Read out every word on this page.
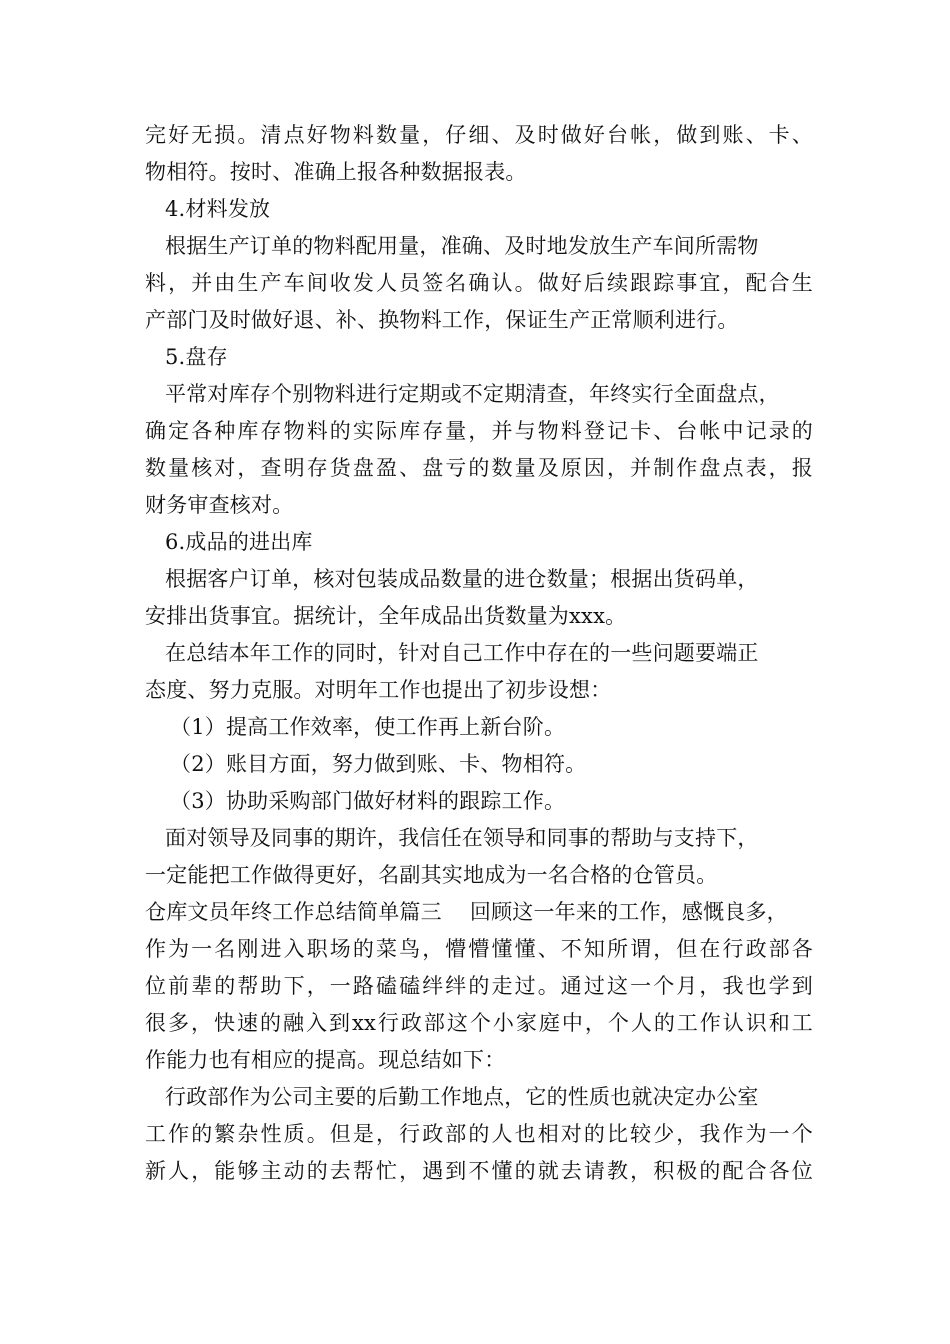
完好无损。清点好物料数量，仔细、及时做好台帐，做到账、卡、
物相符。按时、准确上报各种数据报表。
4.材料发放
根据生产订单的物料配用量，准确、及时地发放生产车间所需物
料，并由生产车间收发人员签名确认。做好后续跟踪事宜，配合生
产部门及时做好退、补、换物料工作，保证生产正常顺利进行。
5.盘存
平常对库存个别物料进行定期或不定期清查，年终实行全面盘点，
确定各种库存物料的实际库存量，并与物料登记卡、台帐中记录的
数量核对，查明存货盘盈、盘亏的数量及原因，并制作盘点表，报
财务审查核对。
6.成品的进出库
根据客户订单，核对包装成品数量的进仓数量；根据出货码单，
安排出货事宜。据统计，全年成品出货数量为xxx。
在总结本年工作的同时，针对自己工作中存在的一些问题要端正
态度、努力克服。对明年工作也提出了初步设想：
（1）提高工作效率，使工作再上新台阶。
（2）账目方面，努力做到账、卡、物相符。
（3）协助采购部门做好材料的跟踪工作。
面对领导及同事的期许，我信任在领导和同事的帮助与支持下，
一定能把工作做得更好，名副其实地成为一名合格的仓管员。
仓库文员年终工作总结简单篇三　 回顾这一年来的工作，感慨良多，
作为一名刚进入职场的菜鸟，懵懵懂懂、不知所谓，但在行政部各
位前辈的帮助下，一路磕磕绊绊的走过。通过这一个月，我也学到
很多，快速的融入到xx行政部这个小家庭中，个人的工作认识和工
作能力也有相应的提高。现总结如下：
行政部作为公司主要的后勤工作地点，它的性质也就决定办公室
工作的繁杂性质。但是，行政部的人也相对的比较少，我作为一个
新人，能够主动的去帮忙，遇到不懂的就去请教，积极的配合各位
